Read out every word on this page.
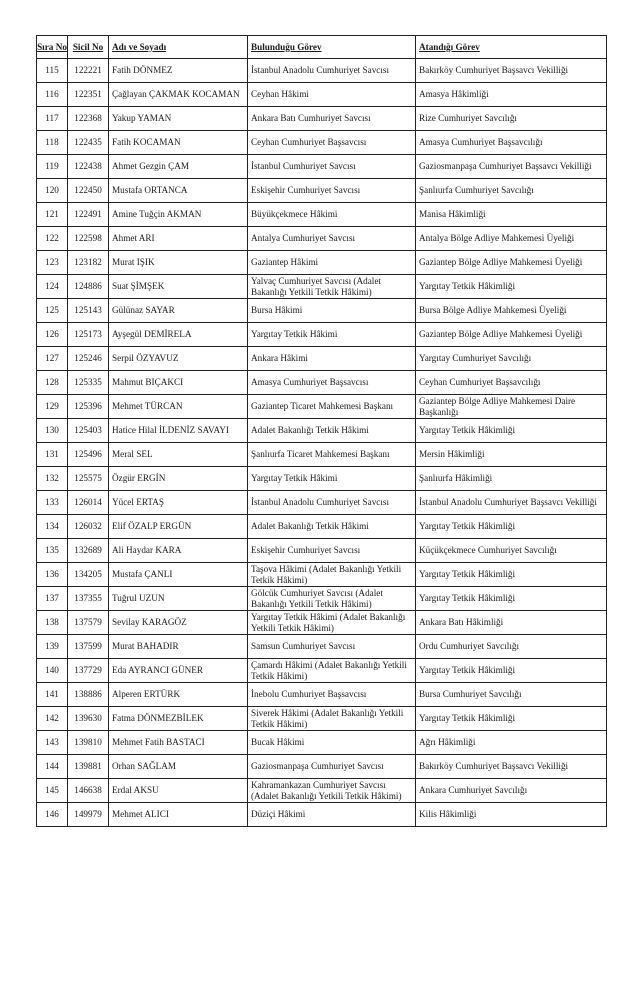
Sıra No	Sicil No	Adı ve Soyadı	Bulunduğu Görev	Atandığı Görev
115	122221	Fatih DÖNMEZ	İstanbul Anadolu Cumhuriyet Savcısı	Bakırköy Cumhuriyet Başsavcı Vekilliği
116	122351	Çağlayan ÇAKMAK KOCAMAN	Ceyhan Hâkimi	Amasya Hâkimliği
117	122368	Yakup YAMAN	Ankara Batı Cumhuriyet Savcısı	Rize Cumhuriyet Savcılığı
118	122435	Fatih KOCAMAN	Ceyhan Cumhuriyet Başsavcısı	Amasya Cumhuriyet Başsavcılığı
119	122438	Ahmet Gezgin ÇAM	İstanbul Cumhuriyet Savcısı	Gaziosmanpaşa Cumhuriyet Başsavcı Vekilliği
120	122450	Mustafa ORTANCA	Eskişehir Cumhuriyet Savcısı	Şanlıurfa Cumhuriyet Savcılığı
121	122491	Amine Tuğçin AKMAN	Büyükçekmece Hâkimi	Manisa Hâkimliği
122	122598	Ahmet ARI	Antalya Cumhuriyet Savcısı	Antalya Bölge Adliye Mahkemesi Üyeliği
123	123182	Murat IŞIK	Gaziantep Hâkimi	Gaziantep Bölge Adliye Mahkemesi Üyeliği
124	124886	Suat ŞİMŞEK	Yalvaç Cumhuriyet Savcısı (Adalet Bakanlığı Yetkili Tetkik Hâkimi)	Yargıtay Tetkik Hâkimliği
125	125143	Gülünaz SAYAR	Bursa Hâkimi	Bursa Bölge Adliye Mahkemesi Üyeliği
126	125173	Ayşegül DEMİRELA	Yargıtay Tetkik Hâkimi	Gaziantep Bölge Adliye Mahkemesi Üyeliği
127	125246	Serpil ÖZYAVUZ	Ankara Hâkimi	Yargıtay Cumhuriyet Savcılığı
128	125335	Mahmut BIÇAKCI	Amasya Cumhuriyet Başsavcısı	Ceyhan Cumhuriyet Başsavcılığı
129	125396	Mehmet TÜRCAN	Gaziantep Ticaret Mahkemesi Başkanı	Gaziantep Bölge Adliye Mahkemesi Daire Başkanlığı
130	125403	Hatice Hilal İLDENİZ SAVAYI	Adalet Bakanlığı Tetkik Hâkimi	Yargıtay Tetkik Hâkimliği
131	125496	Meral SEL	Şanlıurfa Ticaret Mahkemesi Başkanı	Mersin Hâkimliği
132	125575	Özgür ERGİN	Yargıtay Tetkik Hâkimi	Şanlıurfa Hâkimliği
133	126014	Yücel ERTAŞ	İstanbul Anadolu Cumhuriyet Savcısı	İstanbul Anadolu Cumhuriyet Başsavcı Vekilliği
134	126032	Elif ÖZALP ERGÜN	Adalet Bakanlığı Tetkik Hâkimi	Yargıtay Tetkik Hâkimliği
135	132689	Ali Haydar KARA	Eskişehir Cumhuriyet Savcısı	Küçükçekmece Cumhuriyet Savcılığı
136	134205	Mustafa ÇANLI	Taşova Hâkimi (Adalet Bakanlığı Yetkili Tetkik Hâkimi)	Yargıtay Tetkik Hâkimliği
137	137355	Tuğrul UZUN	Gölcük Cumhuriyet Savcısı (Adalet Bakanlığı Yetkili Tetkik Hâkimi)	Yargıtay Tetkik Hâkimliği
138	137579	Sevilay KARAGÖZ	Yargıtay Tetkik Hâkimi (Adalet Bakanlığı Yetkili Tetkik Hâkimi)	Ankara Batı Hâkimliği
139	137599	Murat BAHADIR	Samsun Cumhuriyet Savcısı	Ordu Cumhuriyet Savcılığı
140	137729	Eda AYRANCI GÜNER	Çamardı Hâkimi (Adalet Bakanlığı Yetkili Tetkik Hâkimi)	Yargıtay Tetkik Hâkimliği
141	138886	Alperen ERTÜRK	İnebolu Cumhuriyet Başsavcısı	Bursa Cumhuriyet Savcılığı
142	139630	Fatma DÖNMEZBİLEK	Siverek Hâkimi (Adalet Bakanlığı Yetkili Tetkik Hâkimi)	Yargıtay Tetkik Hâkimliği
143	139810	Mehmet Fatih BASTACI	Bucak Hâkimi	Ağrı Hâkimliği
144	139881	Orhan SAĞLAM	Gaziosmanpaşa Cumhuriyet Savcısı	Bakırköy Cumhuriyet Başsavcı Vekilliği
145	146638	Erdal AKSU	Kahramankazan Cumhuriyet Savcısı (Adalet Bakanlığı Yetkili Tetkik Hâkimi)	Ankara Cumhuriyet Savcılığı
146	149979	Mehmet ALICI	Düziçi Hâkimi	Kilis Hâkimliği
